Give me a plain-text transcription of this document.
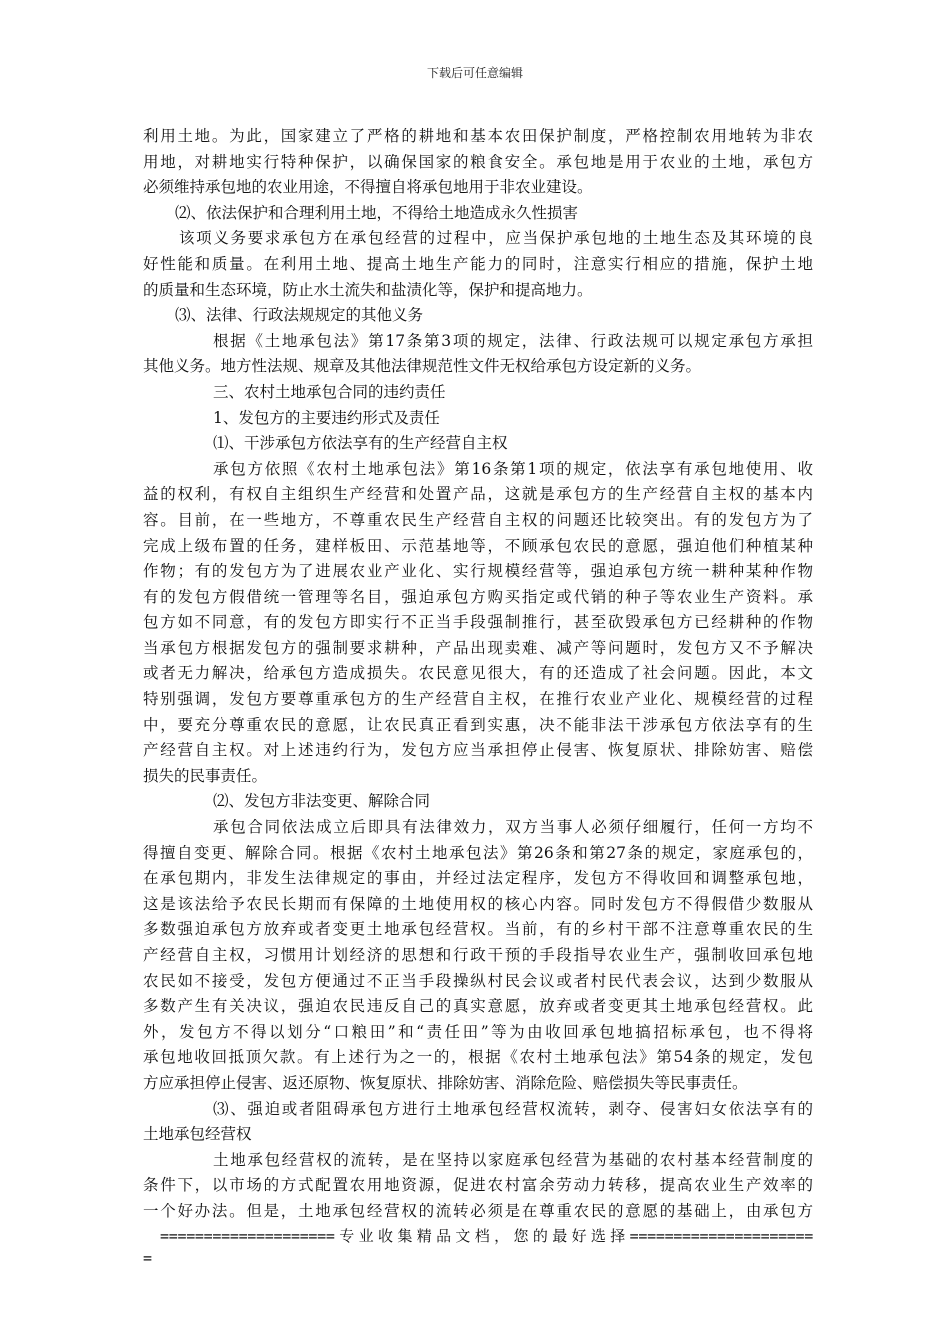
下载后可任意编辑
利用土地。为此，国家建立了严格的耕地和基本农田保护制度，严格控制农用地转为非农
用地，对耕地实行特种保护，以确保国家的粮食安全。承包地是用于农业的土地，承包方
必须维持承包地的农业用途，不得擅自将承包地用于非农业建设。
⑵、依法保护和合理利用土地，不得给土地造成永久性损害
该项义务要求承包方在承包经营的过程中，应当保护承包地的土地生态及其环境的良
好性能和质量。在利用土地、提高土地生产能力的同时，注意实行相应的措施，保护土地
的质量和生态环境，防止水土流失和盐渍化等，保护和提高地力。
⑶、法律、行政法规规定的其他义务
根据《土地承包法》第17条第3项的规定，法律、行政法规可以规定承包方承担
其他义务。地方性法规、规章及其他法律规范性文件无权给承包方设定新的义务。
三、农村土地承包合同的违约责任
1、发包方的主要违约形式及责任
⑴、干涉承包方依法享有的生产经营自主权
承包方依照《农村土地承包法》第16条第1项的规定，依法享有承包地使用、收
益的权利，有权自主组织生产经营和处置产品，这就是承包方的生产经营自主权的基本内
容。目前，在一些地方，不尊重农民生产经营自主权的问题还比较突出。有的发包方为了
完成上级布置的任务，建样板田、示范基地等，不顾承包农民的意愿，强迫他们种植某种
作物；有的发包方为了进展农业产业化、实行规模经营等，强迫承包方统一耕种某种作物
有的发包方假借统一管理等名目，强迫承包方购买指定或代销的种子等农业生产资料。承
包方如不同意，有的发包方即实行不正当手段强制推行，甚至砍毁承包方已经耕种的作物
当承包方根据发包方的强制要求耕种，产品出现卖难、减产等问题时，发包方又不予解决
或者无力解决，给承包方造成损失。农民意见很大，有的还造成了社会问题。因此，本文
特别强调，发包方要尊重承包方的生产经营自主权，在推行农业产业化、规模经营的过程
中，要充分尊重农民的意愿，让农民真正看到实惠，决不能非法干涉承包方依法享有的生
产经营自主权。对上述违约行为，发包方应当承担停止侵害、恢复原状、排除妨害、赔偿
损失的民事责任。
⑵、发包方非法变更、解除合同
承包合同依法成立后即具有法律效力，双方当事人必须仔细履行，任何一方均不
得擅自变更、解除合同。根据《农村土地承包法》第26条和第27条的规定，家庭承包的，
在承包期内，非发生法律规定的事由，并经过法定程序，发包方不得收回和调整承包地，
这是该法给予农民长期而有保障的土地使用权的核心内容。同时发包方不得假借少数服从
多数强迫承包方放弃或者变更土地承包经营权。当前，有的乡村干部不注意尊重农民的生
产经营自主权，习惯用计划经济的思想和行政干预的手段指导农业生产，强制收回承包地
农民如不接受，发包方便通过不正当手段操纵村民会议或者村民代表会议，达到少数服从
多数产生有关决议，强迫农民违反自己的真实意愿，放弃或者变更其土地承包经营权。此
外，发包方不得以划分“口粮田”和“责任田”等为由收回承包地搞招标承包，也不得将
承包地收回抵顶欠款。有上述行为之一的，根据《农村土地承包法》第54条的规定，发包
方应承担停止侵害、返还原物、恢复原状、排除妨害、消除危险、赔偿损失等民事责任。
⑶、强迫或者阻碍承包方进行土地承包经营权流转，剥夺、侵害妇女依法享有的
土地承包经营权
土地承包经营权的流转，是在坚持以家庭承包经营为基础的农村基本经营制度的
条件下，以市场的方式配置农用地资源，促进农村富余劳动力转移，提高农业生产效率的
一个好办法。但是，土地承包经营权的流转必须是在尊重农民的意愿的基础上，由承包方
====================专业收集精品文档，您的最好选择=====================
=
